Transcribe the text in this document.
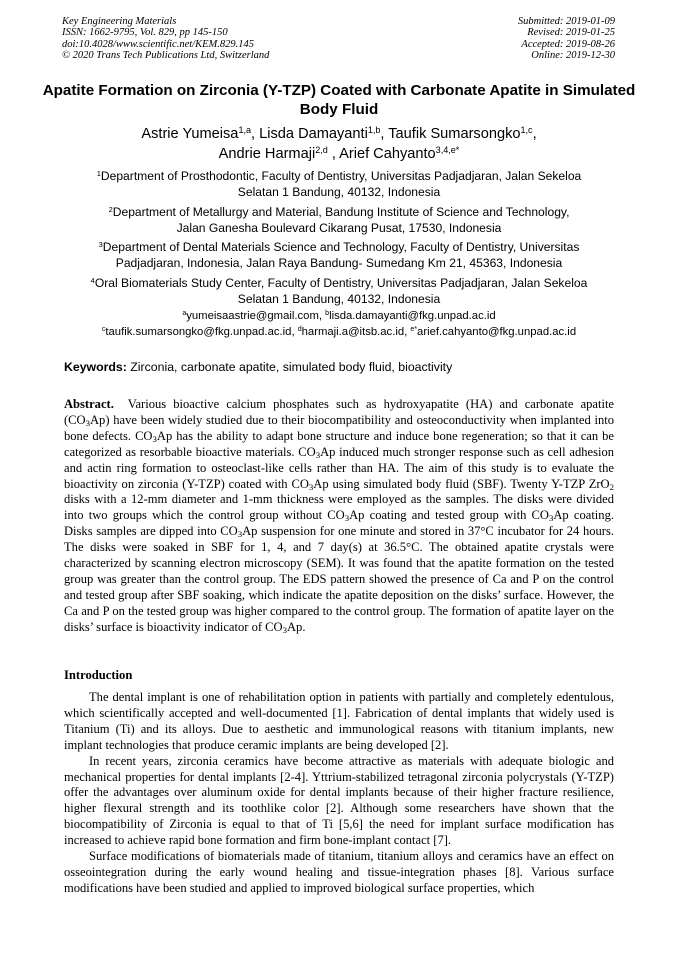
Key Engineering Materials
ISSN: 1662-9795, Vol. 829, pp 145-150
doi:10.4028/www.scientific.net/KEM.829.145
© 2020 Trans Tech Publications Ltd, Switzerland
Submitted: 2019-01-09
Revised: 2019-01-25
Accepted: 2019-08-26
Online: 2019-12-30
Apatite Formation on Zirconia (Y-TZP) Coated with Carbonate Apatite in Simulated Body Fluid
Astrie Yumeisa$^{1,a}$, Lisda Damayanti$^{1,b}$, Taufik Sumarsongko$^{1,c}$,
Andrie Harmaji$^{2,d}$ , Arief Cahyanto$^{3,4,e*}$
$^1$Department of Prosthodontic, Faculty of Dentistry, Universitas Padjadjaran, Jalan Sekeloa
Selatan 1 Bandung, 40132, Indonesia
$^2$Department of Metallurgy and Material, Bandung Institute of Science and Technology,
Jalan Ganesha Boulevard Cikarang Pusat, 17530, Indonesia
$^3$Department of Dental Materials Science and Technology, Faculty of Dentistry, Universitas
Padjadjaran, Indonesia, Jalan Raya Bandung- Sumedang Km 21, 45363, Indonesia
$^4$Oral Biomaterials Study Center, Faculty of Dentistry, Universitas Padjadjaran, Jalan Sekeloa
Selatan 1 Bandung, 40132, Indonesia
$^a$yumeisaastrie@gmail.com, $^b$lisda.damayanti@fkg.unpad.ac.id
$^c$taufik.sumarsongko@fkg.unpad.ac.id, $^d$harmaji.a@itsb.ac.id, $^{e*}$arief.cahyanto@fkg.unpad.ac.id
Keywords: Zirconia, carbonate apatite, simulated body fluid, bioactivity
Abstract. Various bioactive calcium phosphates such as hydroxyapatite (HA) and carbonate apatite $(CO_3Ap)$ have been widely studied due to their biocompatibility and osteoconductivity when implanted into bone defects. $CO_3Ap$ has the ability to adapt bone structure and induce bone regeneration; so that it can be categorized as resorbable bioactive materials. $CO_3Ap$ induced much stronger response such as cell adhesion and actin ring formation to osteoclast-like cells rather than HA. The aim of this study is to evaluate the bioactivity on zirconia (Y-TZP) coated with $CO_3Ap$ using simulated body fluid (SBF). Twenty Y-TZP ZrO$_2$ disks with a 12-mm diameter and 1-mm thickness were employed as the samples. The disks were divided into two groups which the control group without $CO_3Ap$ coating and tested group with $CO_3Ap$ coating. Disks samples are dipped into $CO_3Ap$ suspension for one minute and stored in 37°C incubator for 24 hours. The disks were soaked in SBF for 1, 4, and 7 day(s) at 36.5°C. The obtained apatite crystals were characterized by scanning electron microscopy (SEM). It was found that the apatite formation on the tested group was greater than the control group. The EDS pattern showed the presence of Ca and P on the control and tested group after SBF soaking, which indicate the apatite deposition on the disks’ surface. However, the Ca and P on the tested group was higher compared to the control group. The formation of apatite layer on the disks’ surface is bioactivity indicator of $CO_3Ap$.
Introduction

The dental implant is one of rehabilitation option in patients with partially and completely edentulous, which scientifically accepted and well-documented [1]. Fabrication of dental implants that widely used is Titanium (Ti) and its alloys. Due to aesthetic and immunological reasons with titanium implants, new implant technologies that produce ceramic implants are being developed [2].

In recent years, zirconia ceramics have become attractive as materials with adequate biologic and mechanical properties for dental implants [2-4]. Yttrium-stabilized tetragonal zirconia polycrystals (Y-TZP) offer the advantages over aluminum oxide for dental implants because of their higher fracture resilience, higher flexural strength and its toothlike color [2]. Although some researchers have shown that the biocompatibility of Zirconia is equal to that of Ti [5,6] the need for implant surface modification has increased to achieve rapid bone formation and firm bone-implant contact [7].

Surface modifications of biomaterials made of titanium, titanium alloys and ceramics have an effect on osseointegration during the early wound healing and tissue-integration phases [8]. Various surface modifications have been studied and applied to improved biological surface properties, which
